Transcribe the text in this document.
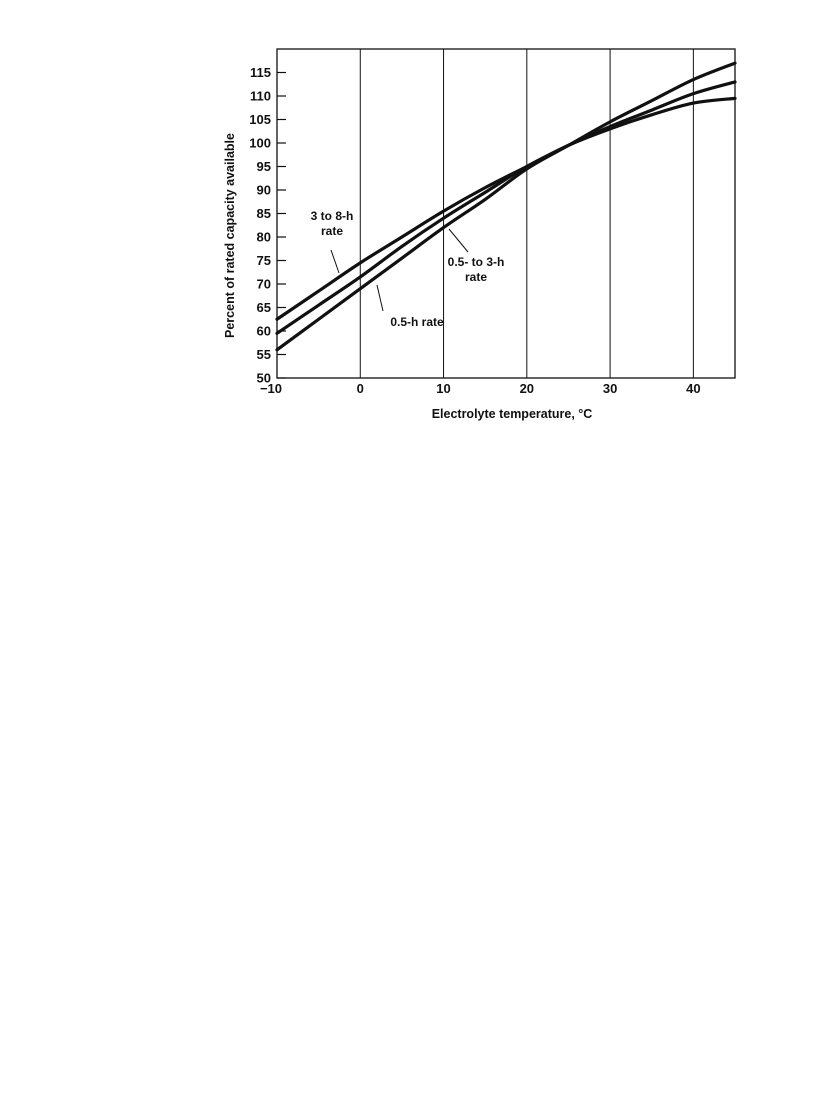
50
55
60
65
70
75
80
85
90
95
100
105
110
115
−10	0	10	20	30	40
3 to 8-h rate
0.5- to 3-h rate
0.5-h rate
Electrolyte temperature, °C
Percent of rated capacity available
